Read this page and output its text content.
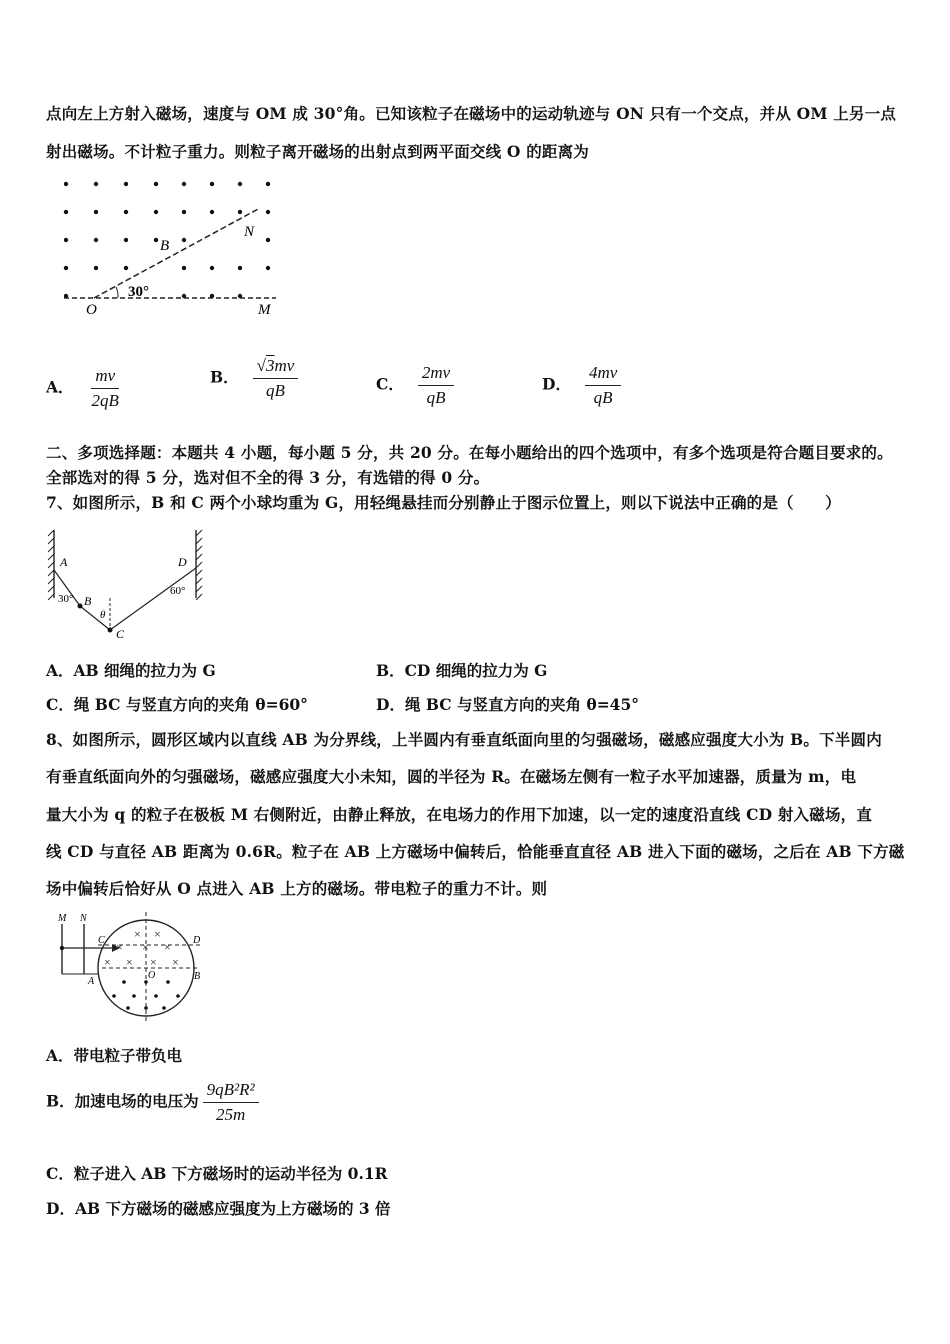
点向左上方射入磁场，速度与 OM 成 30°角。已知该粒子在磁场中的运动轨迹与 ON 只有一个交点，并从 OM 上另一点
射出磁场。不计粒子重力。则粒子离开磁场的出射点到两平面交线 O 的距离为
O	M
N
B
30°
A． $\frac{mv}{2qB}$	B． $\frac{√3mv}{qB}$	C． $\frac{2mv}{qB}$	D． $\frac{4mv}{qB}$
二、多项选择题：本题共 4 小题，每小题 5 分，共 20 分。在每小题给出的四个选项中，有多个选项是符合题目要求的。
全部选对的得 5 分，选对但不全的得 3 分，有选错的得 0 分。
7、如图所示，B 和 C 两个小球均重为 G，用轻绳悬挂而分别静止于图示位置上，则以下说法中正确的是（　　）
A
B
C
D
30°
60°
θ
A．AB 细绳的拉力为 G	B．CD 细绳的拉力为 G
C．绳 BC 与竖直方向的夹角 θ=60°	D．绳 BC 与竖直方向的夹角 θ=45°
8、如图所示，圆形区域内以直线 AB 为分界线，上半圆内有垂直纸面向里的匀强磁场，磁感应强度大小为 B。下半圆内
有垂直纸面向外的匀强磁场，磁感应强度大小未知，圆的半径为 R。在磁场左侧有一粒子水平加速器，质量为 m，电
量大小为 q 的粒子在极板 M 右侧附近，由静止释放，在电场力的作用下加速，以一定的速度沿直线 CD 射入磁场，直
线 CD 与直径 AB 距离为 0.6R。粒子在 AB 上方磁场中偏转后，恰能垂直直径 AB 进入下面的磁场，之后在 AB 下方磁
场中偏转后恰好从 O 点进入 AB 上方的磁场。带电粒子的重力不计。则
× ×
× × ×
× × × ×
M N
C	D
A	B
O
A．带电粒子带负电
B．加速电场的电压为 $\frac{\text{9qB²R²}}{25m}$
C．粒子进入 AB 下方磁场时的运动半径为 0.1R
D．AB 下方磁场的磁感应强度为上方磁场的 3 倍
